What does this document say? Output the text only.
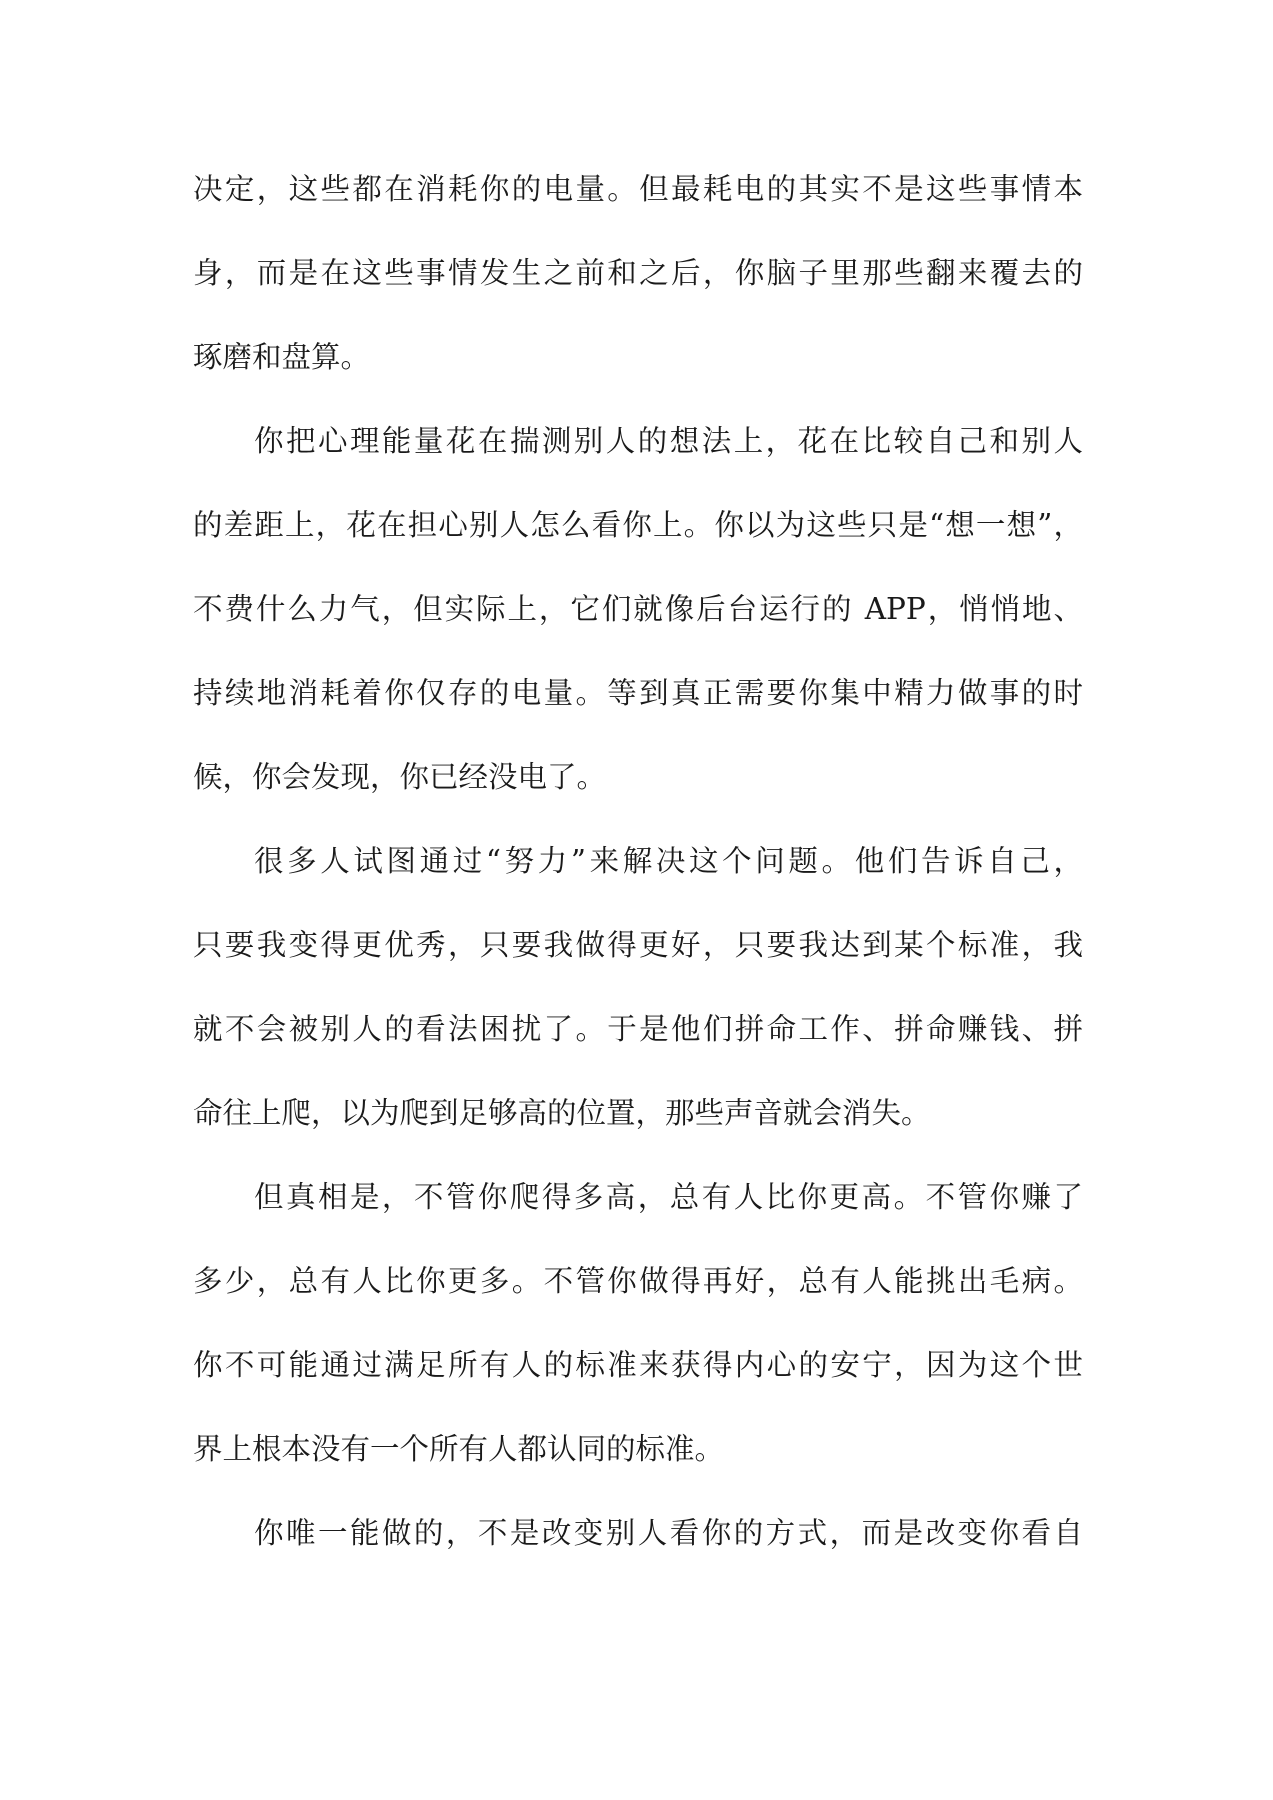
决定，这些都在消耗你的电量。但最耗电的其实不是这些事情本
身，而是在这些事情发生之前和之后，你脑子里那些翻来覆去的
琢磨和盘算。
你把心理能量花在揣测别人的想法上，花在比较自己和别人
的差距上，花在担心别人怎么看你上。你以为这些只是“想一想”，
不费什么力气，但实际上，它们就像后台运行的 APP，悄悄地、
持续地消耗着你仅存的电量。等到真正需要你集中精力做事的时
候，你会发现，你已经没电了。
很多人试图通过“努力”来解决这个问题。他们告诉自己，
只要我变得更优秀，只要我做得更好，只要我达到某个标准，我
就不会被别人的看法困扰了。于是他们拼命工作、拼命赚钱、拼
命往上爬，以为爬到足够高的位置，那些声音就会消失。
但真相是，不管你爬得多高，总有人比你更高。不管你赚了
多少，总有人比你更多。不管你做得再好，总有人能挑出毛病。
你不可能通过满足所有人的标准来获得内心的安宁，因为这个世
界上根本没有一个所有人都认同的标准。
你唯一能做的，不是改变别人看你的方式，而是改变你看自
